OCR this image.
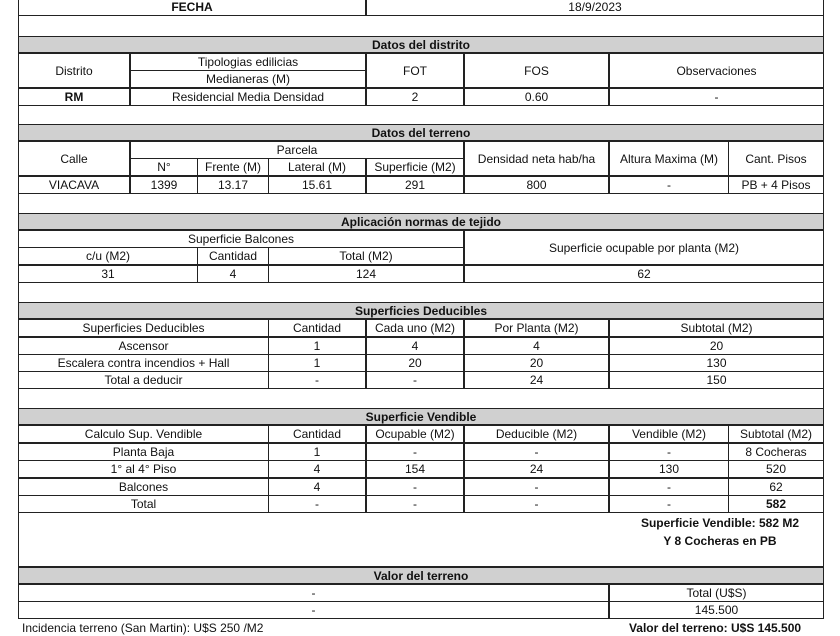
FECHA	18/9/2023
Datos del distrito
Distrito
Tipologias edilicias
Medianeras (M)
FOT	FOS	Observaciones
RM	Residencial Media Densidad	2	0.60	-
Datos del terreno
Calle
Parcela
N°	Frente (M)	Lateral (M)	Superficie (M2)
Densidad neta hab/ha	Altura Maxima (M)	Cant. Pisos
VIACAVA	1399	13.17	15.61	291	800	-	PB + 4 Pisos
Aplicación normas de tejido
Superficie Balcones
c/u (M2)	Cantidad	Total (M2)
Superficie ocupable por planta (M2)
31	4	124	62
Superficies Deducibles
Superficies Deducibles	Cantidad	Cada uno (M2)	Por Planta (M2)	Subtotal (M2)
Ascensor	1	4	4	20
Escalera contra incendios + Hall	1	20	20	130
Total a deducir	-	-	24	150
Superficie Vendible
Calculo Sup. Vendible	Cantidad	Ocupable (M2)	Deducible (M2)	Vendible (M2)	Subtotal (M2)
Planta Baja	1	-	-	-	8 Cocheras
1° al 4° Piso	4	154	24	130	520
Balcones	4	-	-	-	62
Total	-	-	-	-	582
Superficie Vendible: 582 M2
Y 8 Cocheras en PB
Valor del terreno
-	Total (U$S)
-	145.500
Incidencia terreno (San Martin): U$S 250 /M2	Valor del terreno: U$S 145.500
